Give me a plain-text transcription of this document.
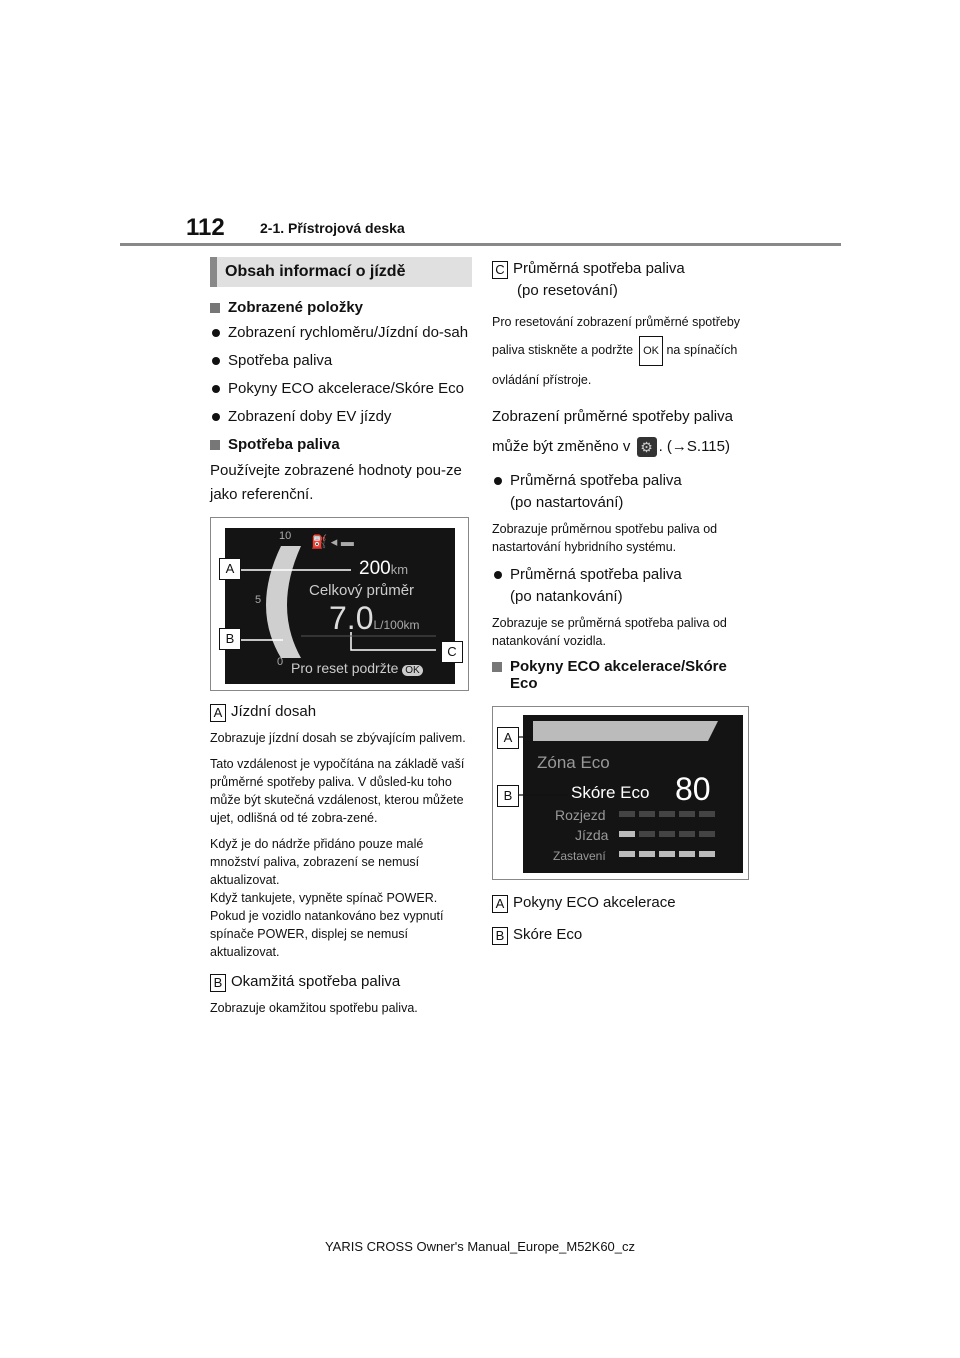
112	2-1. Přístrojová deska
Obsah informací o jízdě
Zobrazené položky
Zobrazení rychloměru/Jízdní do-sah
Spotřeba paliva
Pokyny ECO akcelerace/Skóre Eco
Zobrazení doby EV jízdy
Spotřeba paliva
Používejte zobrazené hodnoty pou-ze jako referenční.
10
5
0
⛽ ◂ ▬
200km
Celkový průměr
7.0L/100km
Pro reset podržte OK
A
B
C
A Jízdní dosah
Zobrazuje jízdní dosah se zbývajícím palivem.
Tato vzdálenost je vypočítána na základě vaší průměrné spotřeby paliva. V důsled-ku toho může být skutečná vzdálenost, kterou můžete ujet, odlišná od té zobra-zené.
Když je do nádrže přidáno pouze malé množství paliva, zobrazení se nemusí aktualizovat.
Když tankujete, vypněte spínač POWER. Pokud je vozidlo natankováno bez vypnutí spínače POWER, displej se nemusí aktualizovat.
B Okamžitá spotřeba paliva
Zobrazuje okamžitou spotřebu paliva.
C Průměrná spotřeba paliva
(po resetování)
Pro resetování zobrazení průměrné spotřeby paliva stiskněte a podržte OK na spínačích ovládání přístroje.
Zobrazení průměrné spotřeby paliva může být změněno v ⚙ . (→S.115)
Průměrná spotřeba paliva
(po nastartování)
Zobrazuje průměrnou spotřebu paliva od nastartování hybridního systému.
Průměrná spotřeba paliva
(po natankování)
Zobrazuje se průměrná spotřeba paliva od natankování vozidla.
Pokyny ECO akcelerace/Skóre Eco
Zóna Eco
Skóre Eco 80
Rozjezd
Jízda
Zastavení
A
B
A Pokyny ECO akcelerace
B Skóre Eco
YARIS CROSS Owner's Manual_Europe_M52K60_cz
